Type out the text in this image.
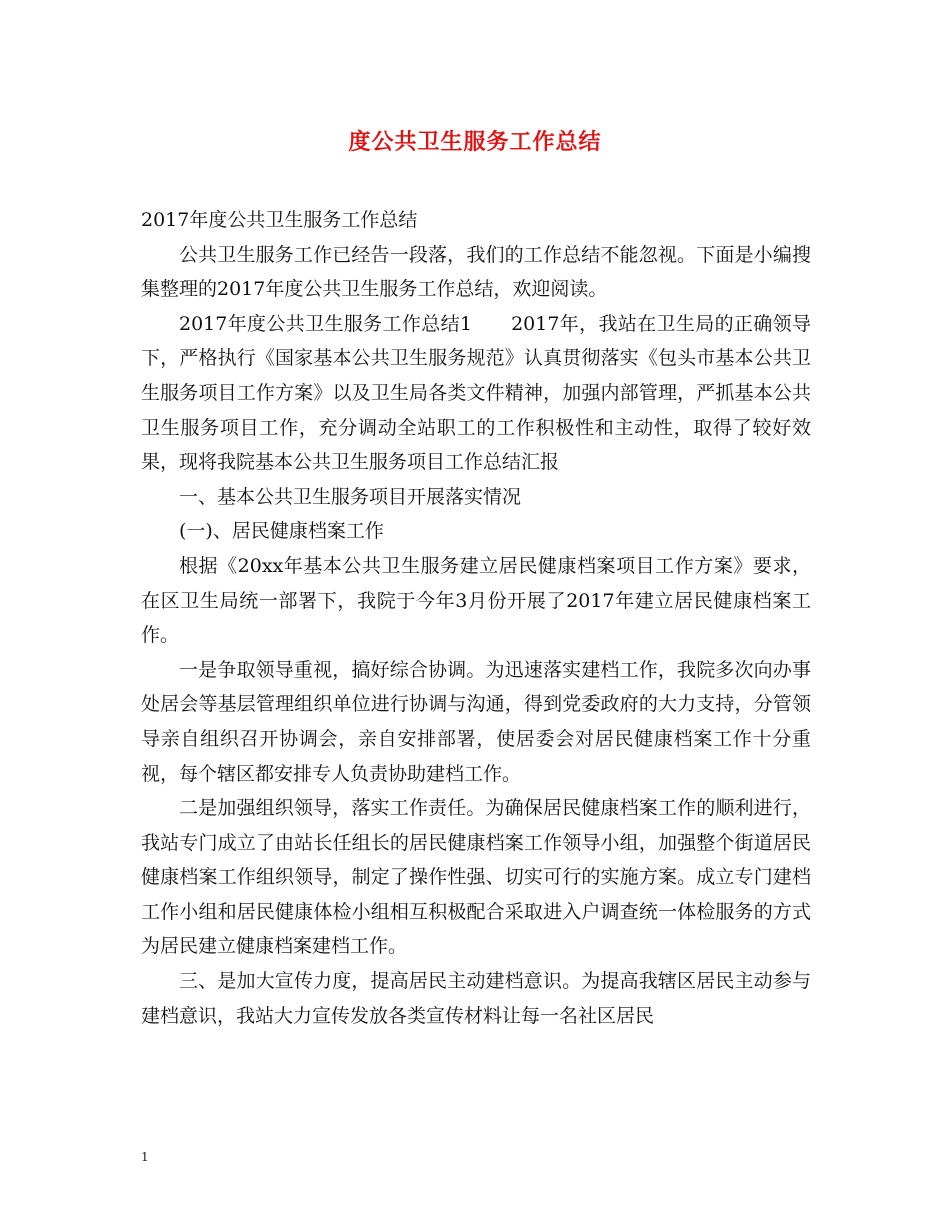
度公共卫生服务工作总结

2017年度公共卫生服务工作总结

公共卫生服务工作已经告一段落，我们的工作总结不能忽视。下面是小编搜集整理的2017年度公共卫生服务工作总结，欢迎阅读。

2017年度公共卫生服务工作总结1　　2017年，我站在卫生局的正确领导下，严格执行《国家基本公共卫生服务规范》认真贯彻落实《包头市基本公共卫生服务项目工作方案》以及卫生局各类文件精神，加强内部管理，严抓基本公共卫生服务项目工作，充分调动全站职工的工作积极性和主动性，取得了较好效果，现将我院基本公共卫生服务项目工作总结汇报

一、基本公共卫生服务项目开展落实情况

(一)、居民健康档案工作

根据《20xx年基本公共卫生服务建立居民健康档案项目工作方案》要求，在区卫生局统一部署下，我院于今年3月份开展了2017年建立居民健康档案工作。

一是争取领导重视，搞好综合协调。为迅速落实建档工作，我院多次向办事处居会等基层管理组织单位进行协调与沟通，得到党委政府的大力支持，分管领导亲自组织召开协调会，亲自安排部署，使居委会对居民健康档案工作十分重视，每个辖区都安排专人负责协助建档工作。

二是加强组织领导，落实工作责任。为确保居民健康档案工作的顺利进行，我站专门成立了由站长任组长的居民健康档案工作领导小组，加强整个街道居民健康档案工作组织领导，制定了操作性强、切实可行的实施方案。成立专门建档工作小组和居民健康体检小组相互积极配合采取进入户调查统一体检服务的方式为居民建立健康档案建档工作。

三、是加大宣传力度，提高居民主动建档意识。为提高我辖区居民主动参与建档意识，我站大力宣传发放各类宣传材料让每一名社区居民

1
